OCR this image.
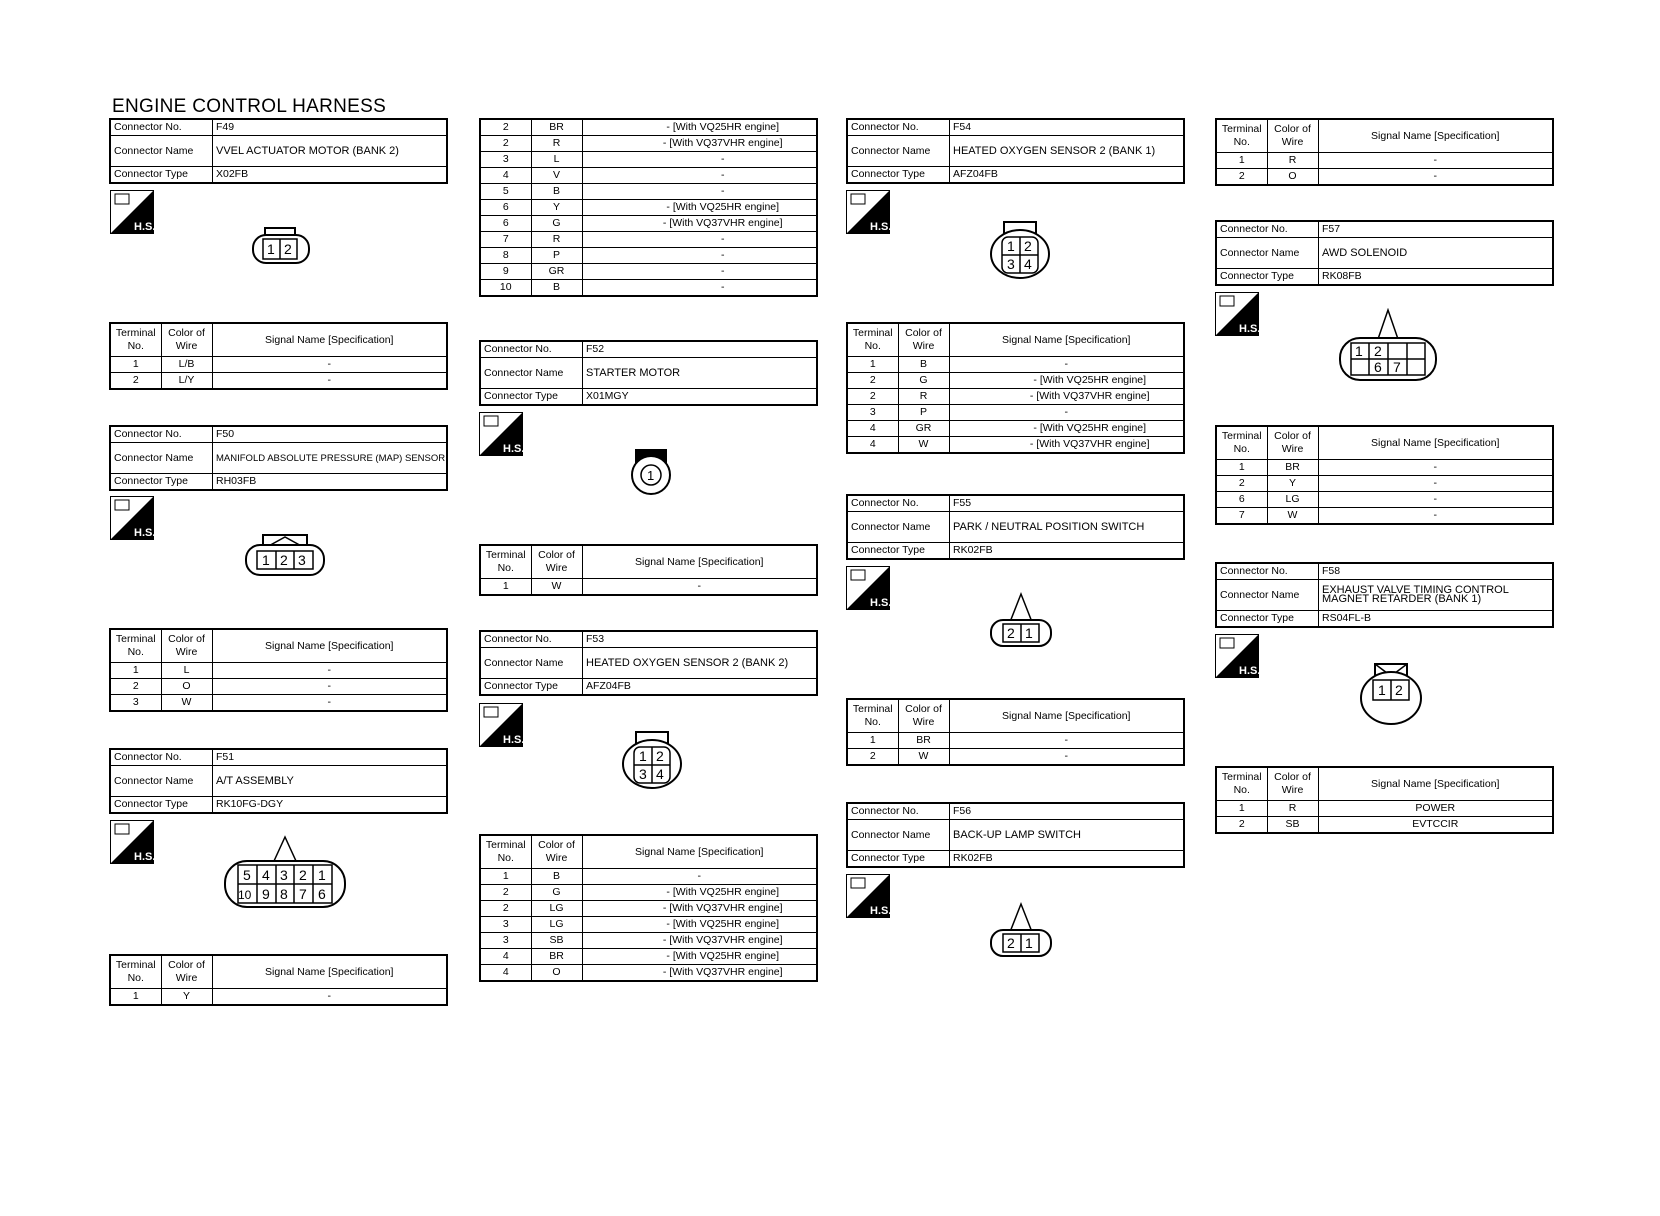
ENGINE CONTROL HARNESS
Connector No.	F49
Connector Name	VVEL ACTUATOR MOTOR (BANK 2)
Connector Type	X02FB
H.S.
1 2
Terminal No.	Color of Wire	Signal Name [Specification]
1	L/B	-
2	L/Y	-
Connector No.	F50
Connector Name	MANIFOLD ABSOLUTE PRESSURE (MAP) SENSOR
Connector Type	RH03FB
H.S.
1 2 3
Terminal No.	Color of Wire	Signal Name [Specification]
1	L	-
2	O	-
3	W	-
Connector No.	F51
Connector Name	A/T ASSEMBLY
Connector Type	RK10FG-DGY
H.S.
5 4 3 2 1
10 9 8 7 6
Terminal No.	Color of Wire	Signal Name [Specification]
1	Y	-
2	BR	- [With VQ25HR engine]
2	R	- [With VQ37VHR engine]
3	L	-
4	V	-
5	B	-
6	Y	- [With VQ25HR engine]
6	G	- [With VQ37VHR engine]
7	R	-
8	P	-
9	GR	-
10	B	-
Connector No.	F52
Connector Name	STARTER MOTOR
Connector Type	X01MGY
H.S.
1
Terminal No.	Color of Wire	Signal Name [Specification]
1	W	-
Connector No.	F53
Connector Name	HEATED OXYGEN SENSOR 2 (BANK 2)
Connector Type	AFZ04FB
H.S.
1 2
3 4
Terminal No.	Color of Wire	Signal Name [Specification]
1	B	-
2	G	- [With VQ25HR engine]
2	LG	- [With VQ37VHR engine]
3	LG	- [With VQ25HR engine]
3	SB	- [With VQ37VHR engine]
4	BR	- [With VQ25HR engine]
4	O	- [With VQ37VHR engine]
Connector No.	F54
Connector Name	HEATED OXYGEN SENSOR 2 (BANK 1)
Connector Type	AFZ04FB
H.S.
1 2
3 4
Terminal No.	Color of Wire	Signal Name [Specification]
1	B	-
2	G	- [With VQ25HR engine]
2	R	- [With VQ37VHR engine]
3	P	-
4	GR	- [With VQ25HR engine]
4	W	- [With VQ37VHR engine]
Connector No.	F55
Connector Name	PARK / NEUTRAL POSITION SWITCH
Connector Type	RK02FB
H.S.
2 1
Terminal No.	Color of Wire	Signal Name [Specification]
1	BR	-
2	W	-
Connector No.	F56
Connector Name	BACK-UP LAMP SWITCH
Connector Type	RK02FB
H.S.
2 1
Terminal No.	Color of Wire	Signal Name [Specification]
1	R	-
2	O	-
Connector No.	F57
Connector Name	AWD SOLENOID
Connector Type	RK08FB
H.S.
1 2
6 7
Terminal No.	Color of Wire	Signal Name [Specification]
1	BR	-
2	Y	-
6	LG	-
7	W	-
Connector No.	F58
Connector Name	EXHAUST VALVE TIMING CONTROL MAGNET RETARDER (BANK 1)
Connector Type	RS04FL-B
H.S.
1 2
Terminal No.	Color of Wire	Signal Name [Specification]
1	R	POWER
2	SB	EVTCCIR
